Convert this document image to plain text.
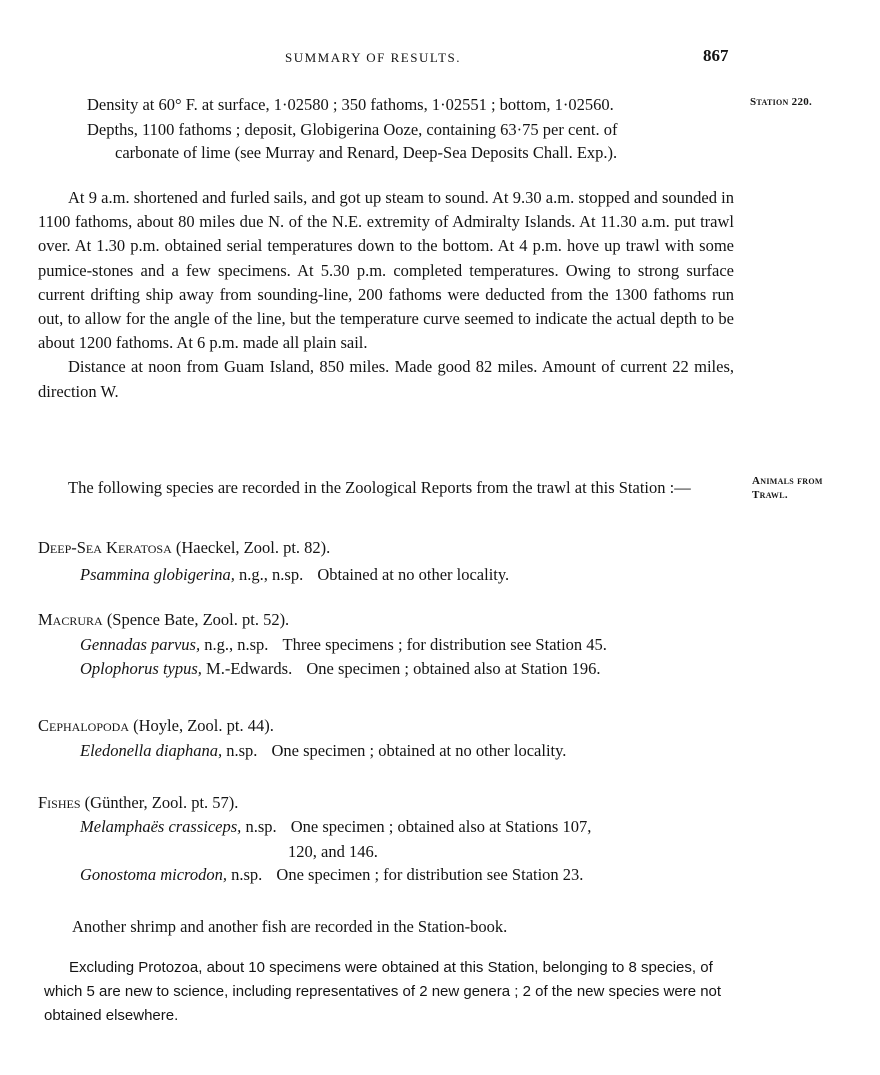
SUMMARY OF RESULTS.	867
Station 220.
Animals from
Trawl.
Density at 60° F. at surface, 1·02580 ; 350 fathoms, 1·02551 ; bottom, 1·02560.
Depths, 1100 fathoms ; deposit, Globigerina Ooze, containing 63·75 per cent. of
carbonate of lime (see Murray and Renard, Deep-Sea Deposits Chall. Exp.).

At 9 a.m. shortened and furled sails, and got up steam to sound. At 9.30 a.m. stopped and sounded in 1100 fathoms, about 80 miles due N. of the N.E. extremity of Admiralty Islands. At 11.30 a.m. put trawl over. At 1.30 p.m. obtained serial temperatures down to the bottom. At 4 p.m. hove up trawl with some pumice-stones and a few specimens. At 5.30 p.m. completed temperatures. Owing to strong surface current drifting ship away from sounding-line, 200 fathoms were deducted from the 1300 fathoms run out, to allow for the angle of the line, but the temperature curve seemed to indicate the actual depth to be about 1200 fathoms. At 6 p.m. made all plain sail.

Distance at noon from Guam Island, 850 miles. Made good 82 miles. Amount of current 22 miles, direction W.

The following species are recorded in the Zoological Reports from the trawl at this Station :—

Deep-Sea Keratosa (Haeckel, Zool. pt. 82).
Psammina globigerina, n.g., n.sp. Obtained at no other locality.
Macrura (Spence Bate, Zool. pt. 52).
Gennadas parvus, n.g., n.sp. Three specimens ; for distribution see Station 45.
Oplophorus typus, M.-Edwards. One specimen ; obtained also at Station 196.
Cephalopoda (Hoyle, Zool. pt. 44).
Eledonella diaphana, n.sp. One specimen ; obtained at no other locality.
Fishes (Günther, Zool. pt. 57).
Melamphaës crassiceps, n.sp. One specimen ; obtained also at Stations 107,
120, and 146.
Gonostoma microdon, n.sp. One specimen ; for distribution see Station 23.
Another shrimp and another fish are recorded in the Station-book.
Excluding Protozoa, about 10 specimens were obtained at this Station, belonging to 8 species, of which 5 are new to science, including representatives of 2 new genera ; 2 of the new species were not obtained elsewhere.
